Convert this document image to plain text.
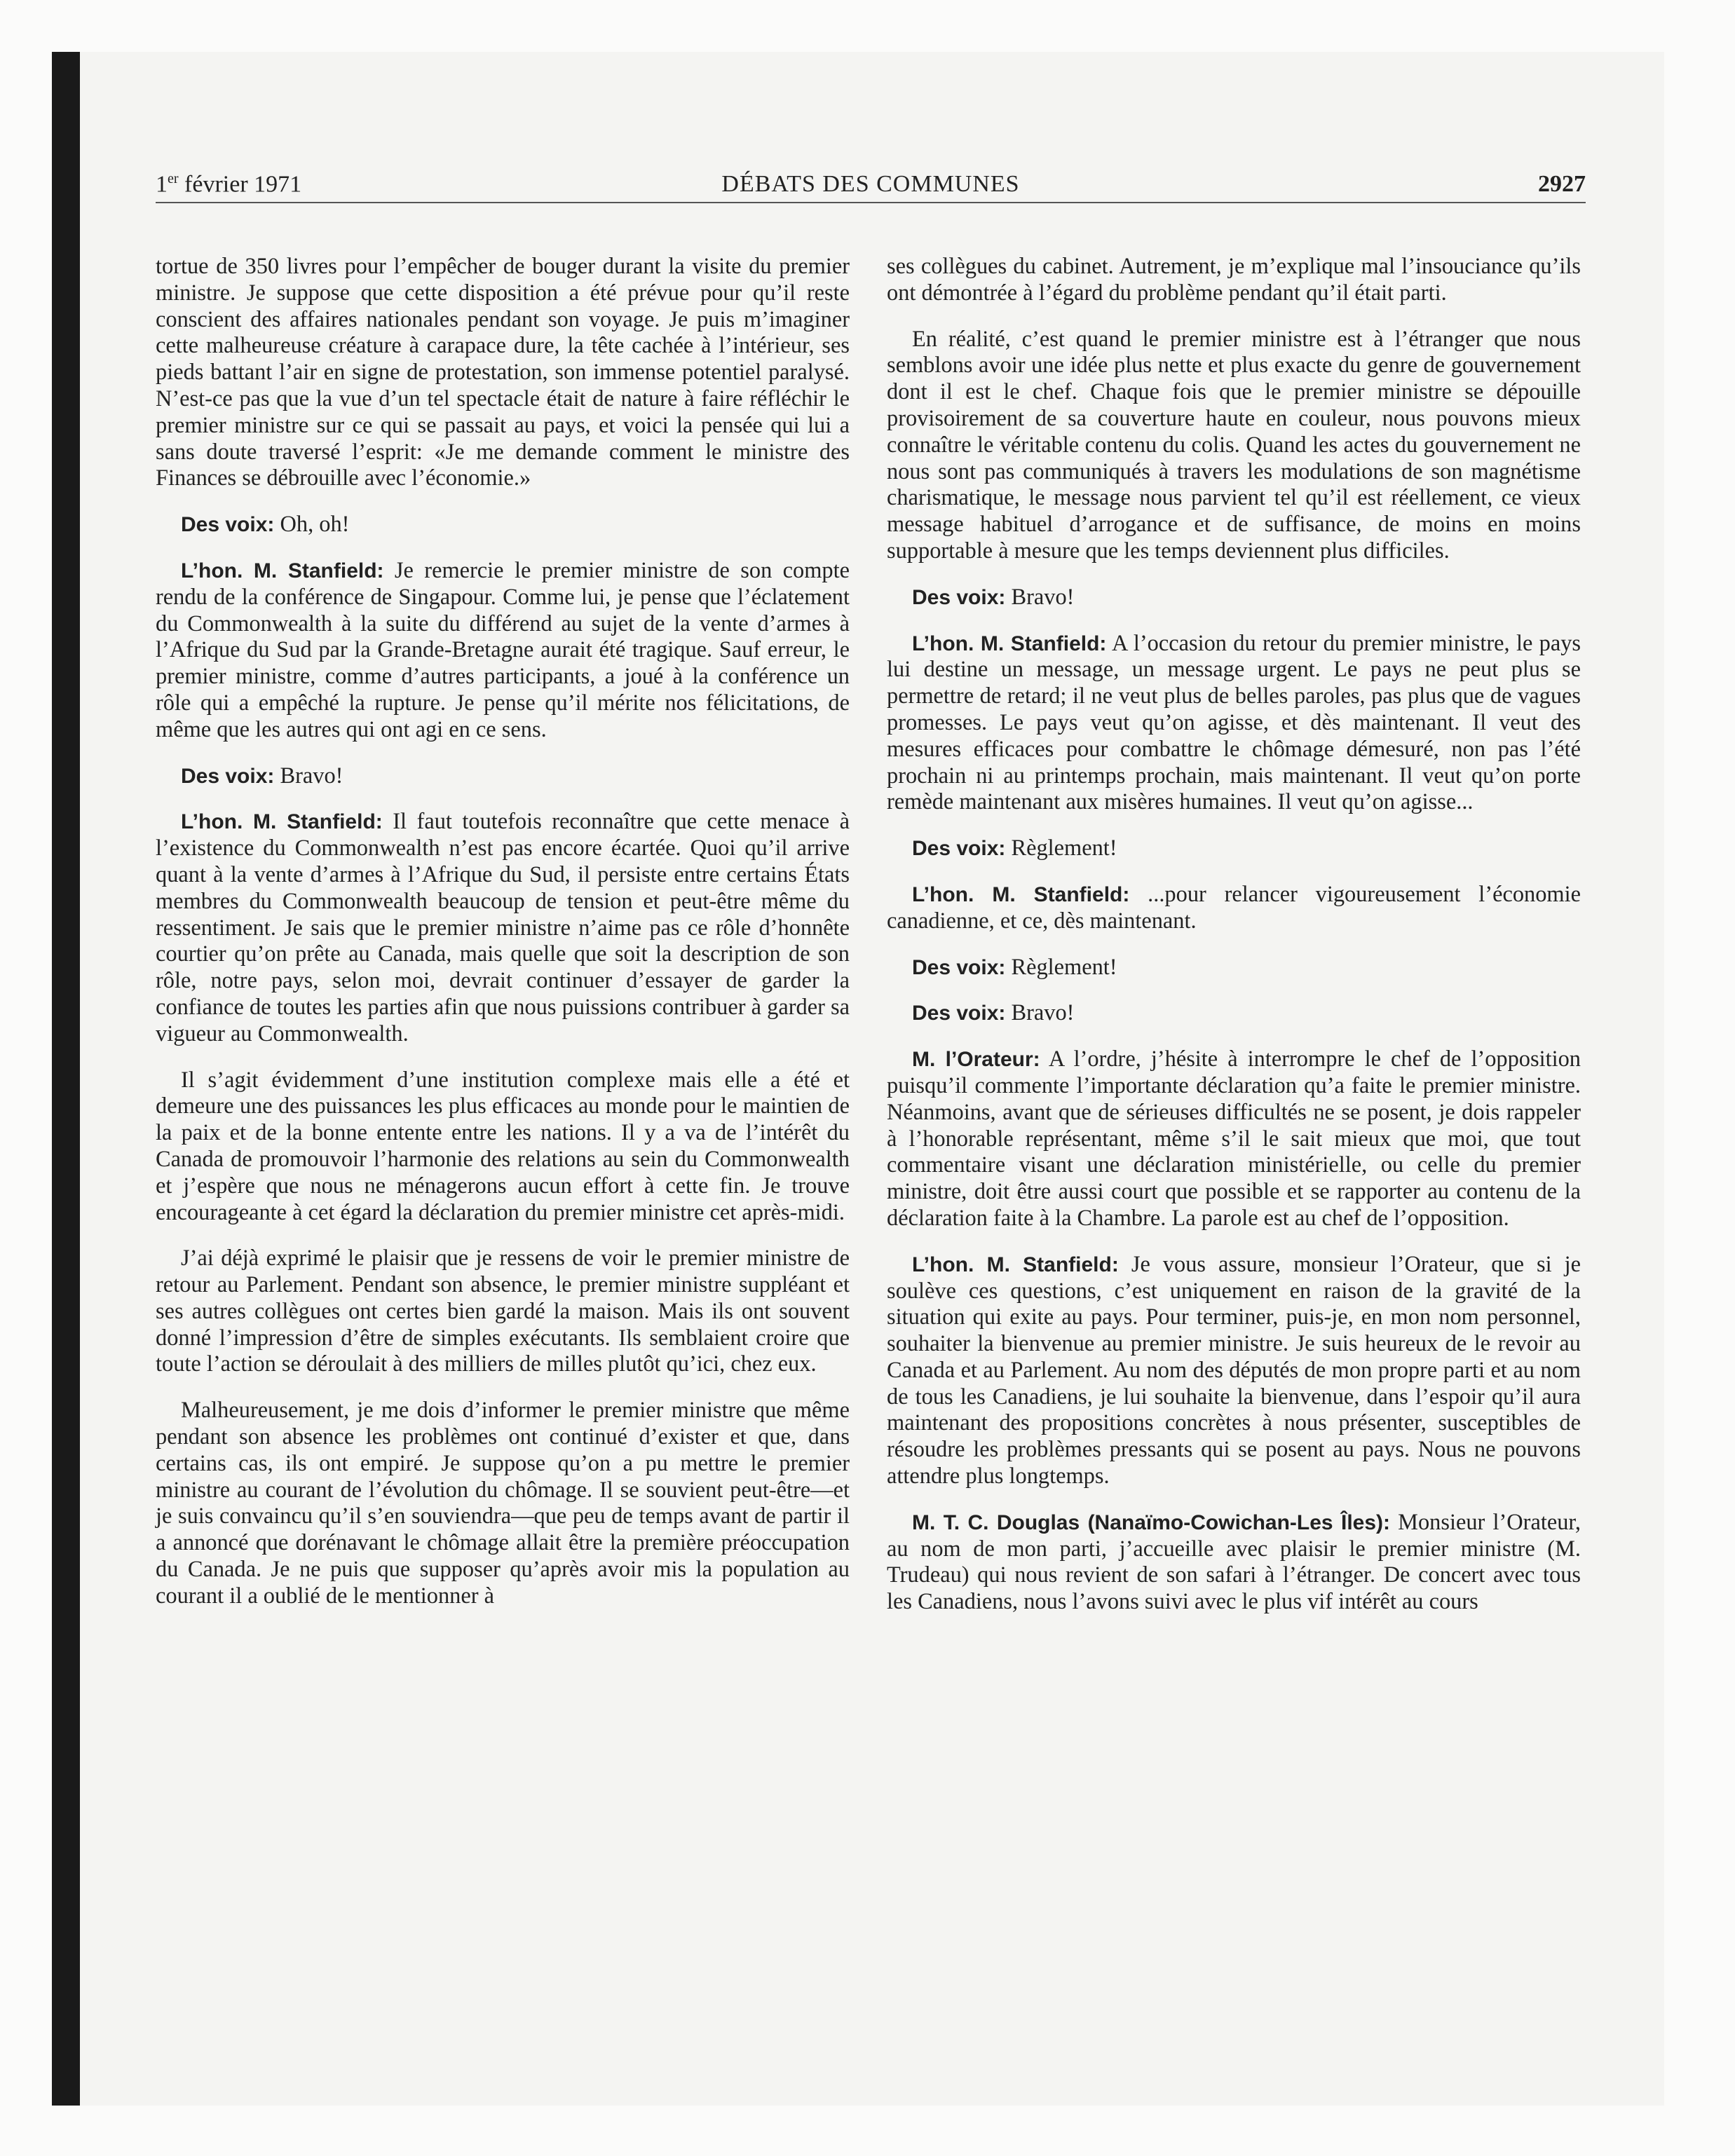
1er février 1971	DÉBATS DES COMMUNES	2927

tortue de 350 livres pour l’empêcher de bouger durant la visite du premier ministre. Je suppose que cette disposition a été prévue pour qu’il reste conscient des affaires nationales pendant son voyage. Je puis m’imaginer cette malheureuse créature à carapace dure, la tête cachée à l’intérieur, ses pieds battant l’air en signe de protestation, son immense potentiel paralysé. N’est-ce pas que la vue d’un tel spectacle était de nature à faire réfléchir le premier ministre sur ce qui se passait au pays, et voici la pensée qui lui a sans doute traversé l’esprit: «Je me demande comment le ministre des Finances se débrouille avec l’économie.»

Des voix: Oh, oh!

L’hon. M. Stanfield: Je remercie le premier ministre de son compte rendu de la conférence de Singapour. Comme lui, je pense que l’éclatement du Commonwealth à la suite du différend au sujet de la vente d’armes à l’Afrique du Sud par la Grande-Bretagne aurait été tragique. Sauf erreur, le premier ministre, comme d’autres participants, a joué à la conférence un rôle qui a empêché la rupture. Je pense qu’il mérite nos félicitations, de même que les autres qui ont agi en ce sens.

Des voix: Bravo!

L’hon. M. Stanfield: Il faut toutefois reconnaître que cette menace à l’existence du Commonwealth n’est pas encore écartée. Quoi qu’il arrive quant à la vente d’armes à l’Afrique du Sud, il persiste entre certains États membres du Commonwealth beaucoup de tension et peut-être même du ressentiment. Je sais que le premier ministre n’aime pas ce rôle d’honnête courtier qu’on prête au Canada, mais quelle que soit la description de son rôle, notre pays, selon moi, devrait continuer d’essayer de garder la confiance de toutes les parties afin que nous puissions contribuer à garder sa vigueur au Commonwealth.

Il s’agit évidemment d’une institution complexe mais elle a été et demeure une des puissances les plus efficaces au monde pour le maintien de la paix et de la bonne entente entre les nations. Il y a va de l’intérêt du Canada de promouvoir l’harmonie des relations au sein du Commonwealth et j’espère que nous ne ménagerons aucun effort à cette fin. Je trouve encourageante à cet égard la déclaration du premier ministre cet après-midi.

J’ai déjà exprimé le plaisir que je ressens de voir le premier ministre de retour au Parlement. Pendant son absence, le premier ministre suppléant et ses autres collègues ont certes bien gardé la maison. Mais ils ont souvent donné l’impression d’être de simples exécutants. Ils semblaient croire que toute l’action se déroulait à des milliers de milles plutôt qu’ici, chez eux.

Malheureusement, je me dois d’informer le premier ministre que même pendant son absence les problèmes ont continué d’exister et que, dans certains cas, ils ont empiré. Je suppose qu’on a pu mettre le premier ministre au courant de l’évolution du chômage. Il se souvient peut-être—et je suis convaincu qu’il s’en souviendra—que peu de temps avant de partir il a annoncé que dorénavant le chômage allait être la première préoccupation du Canada. Je ne puis que supposer qu’après avoir mis la population au courant il a oublié de le mentionner à

ses collègues du cabinet. Autrement, je m’explique mal l’insouciance qu’ils ont démontrée à l’égard du problème pendant qu’il était parti.

En réalité, c’est quand le premier ministre est à l’étranger que nous semblons avoir une idée plus nette et plus exacte du genre de gouvernement dont il est le chef. Chaque fois que le premier ministre se dépouille provisoirement de sa couverture haute en couleur, nous pouvons mieux connaître le véritable contenu du colis. Quand les actes du gouvernement ne nous sont pas communiqués à travers les modulations de son magnétisme charismatique, le message nous parvient tel qu’il est réellement, ce vieux message habituel d’arrogance et de suffisance, de moins en moins supportable à mesure que les temps deviennent plus difficiles.

Des voix: Bravo!

L’hon. M. Stanfield: A l’occasion du retour du premier ministre, le pays lui destine un message, un message urgent. Le pays ne peut plus se permettre de retard; il ne veut plus de belles paroles, pas plus que de vagues promesses. Le pays veut qu’on agisse, et dès maintenant. Il veut des mesures efficaces pour combattre le chômage démesuré, non pas l’été prochain ni au printemps prochain, mais maintenant. Il veut qu’on porte remède maintenant aux misères humaines. Il veut qu’on agisse...

Des voix: Règlement!

L’hon. M. Stanfield: ...pour relancer vigoureusement l’économie canadienne, et ce, dès maintenant.

Des voix: Règlement!

Des voix: Bravo!

M. l’Orateur: A l’ordre, j’hésite à interrompre le chef de l’opposition puisqu’il commente l’importante déclaration qu’a faite le premier ministre. Néanmoins, avant que de sérieuses difficultés ne se posent, je dois rappeler à l’honorable représentant, même s’il le sait mieux que moi, que tout commentaire visant une déclaration ministérielle, ou celle du premier ministre, doit être aussi court que possible et se rapporter au contenu de la déclaration faite à la Chambre. La parole est au chef de l’opposition.

L’hon. M. Stanfield: Je vous assure, monsieur l’Orateur, que si je soulève ces questions, c’est uniquement en raison de la gravité de la situation qui exite au pays. Pour terminer, puis-je, en mon nom personnel, souhaiter la bienvenue au premier ministre. Je suis heureux de le revoir au Canada et au Parlement. Au nom des députés de mon propre parti et au nom de tous les Canadiens, je lui souhaite la bienvenue, dans l’espoir qu’il aura maintenant des propositions concrètes à nous présenter, susceptibles de résoudre les problèmes pressants qui se posent au pays. Nous ne pouvons attendre plus longtemps.

M. T. C. Douglas (Nanaïmo-Cowichan-Les Îles): Monsieur l’Orateur, au nom de mon parti, j’accueille avec plaisir le premier ministre (M. Trudeau) qui nous revient de son safari à l’étranger. De concert avec tous les Canadiens, nous l’avons suivi avec le plus vif intérêt au cours
